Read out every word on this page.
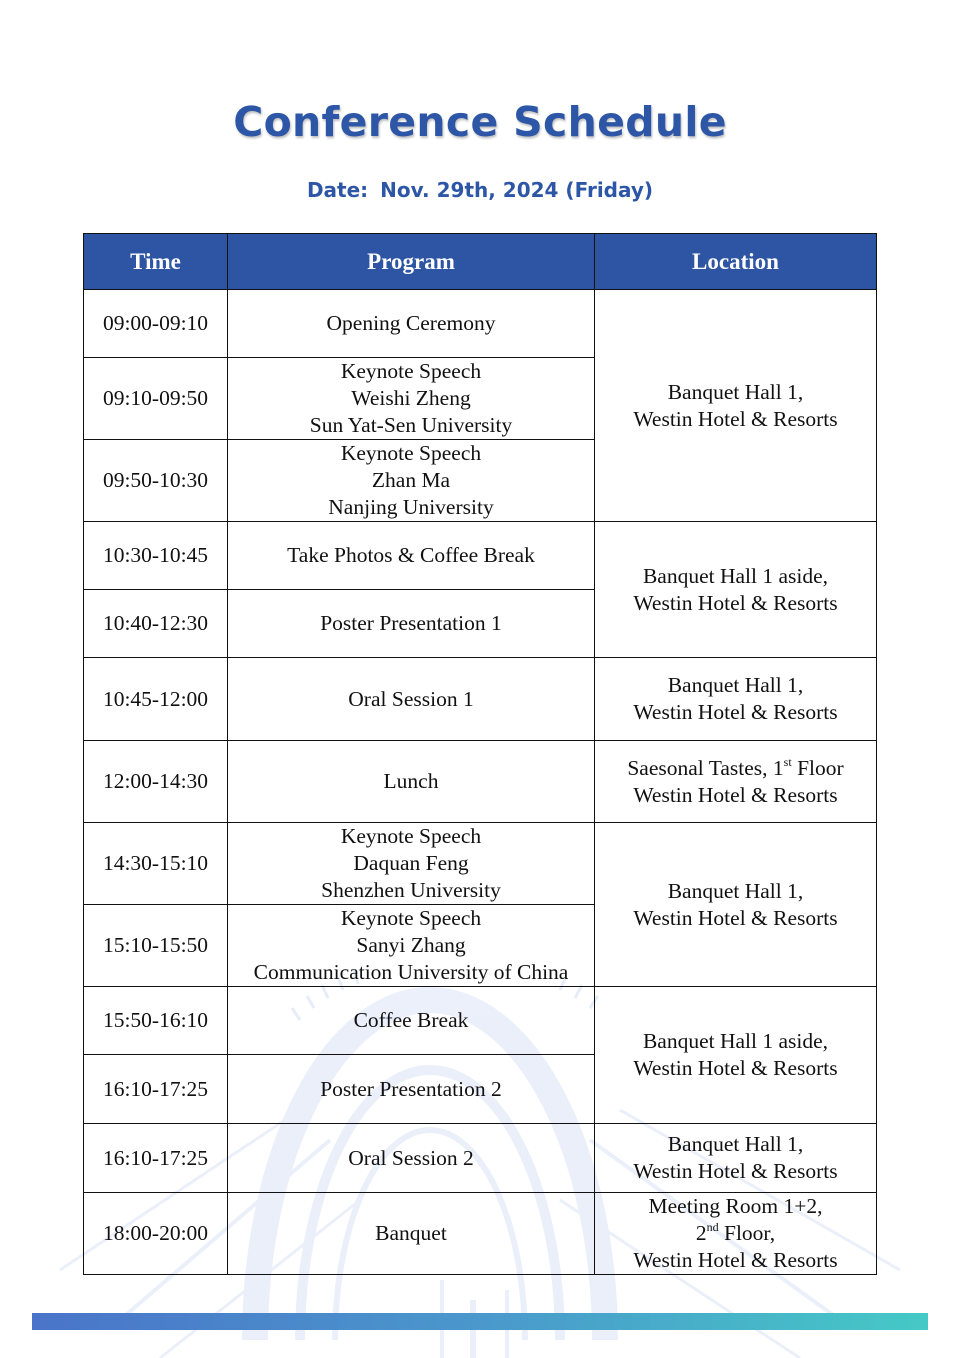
Conference Schedule
Date: Nov. 29th, 2024 (Friday)
Time	Program	Location
09:00-09:10	Opening Ceremony	Banquet Hall 1,
Westin Hotel & Resorts
09:10-09:50	Keynote Speech
Weishi Zheng
Sun Yat-Sen University	
09:50-10:30	Keynote Speech
Zhan Ma
Nanjing University	
10:30-10:45	Take Photos & Coffee Break	Banquet Hall 1 aside,
Westin Hotel & Resorts
10:40-12:30	Poster Presentation 1	
10:45-12:00	Oral Session 1	Banquet Hall 1,
Westin Hotel & Resorts
12:00-14:30	Lunch	Saesonal Tastes, 1st Floor
Westin Hotel & Resorts
14:30-15:10	Keynote Speech
Daquan Feng
Shenzhen University	Banquet Hall 1,
Westin Hotel & Resorts
15:10-15:50	Keynote Speech
Sanyi Zhang
Communication University of China	
15:50-16:10	Coffee Break	Banquet Hall 1 aside,
Westin Hotel & Resorts
16:10-17:25	Poster Presentation 2	
16:10-17:25	Oral Session 2	Banquet Hall 1,
Westin Hotel & Resorts
18:00-20:00	Banquet	Meeting Room 1+2,
2nd Floor,
Westin Hotel & Resorts
